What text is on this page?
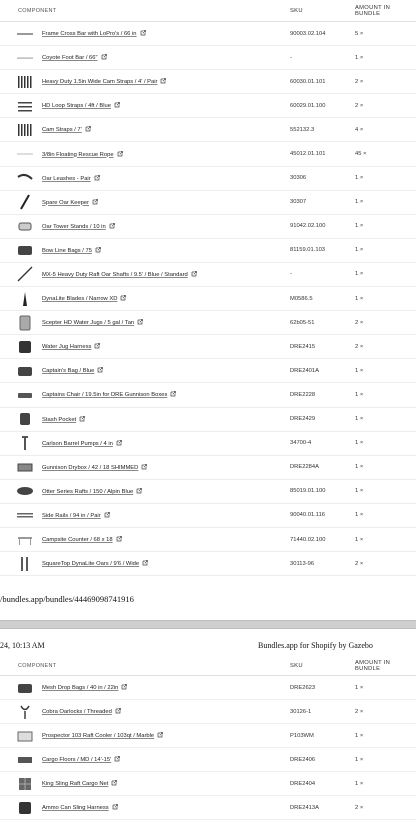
COMPONENT	SKU	AMOUNT IN BUNDLE
Frame Cross Bar with LoPro's / 66 in	90003.02.104	5 ×
Coyote Foot Bar / 66"	-	1 ×
Heavy Duty 1.5in Wide Cam Straps / 4' / Pair	60030.01.101	2 ×
HD Loop Straps / 4ft / Blue	60029.01.100	2 ×
Cam Straps / 7'	552132.3	4 ×
3/8in Floating Rescue Rope	45012.01.101	45 ×
Oar Leashes - Pair	30306	1 ×
Spare Oar Keeper	30307	1 ×
Oar Tower Stands / 10 in	91042.02.100	1 ×
Bow Line Bags / 75	81159.01.103	1 ×
MX-5 Heavy Duty Raft Oar Shafts / 9.5' / Blue / Standard	-	1 ×
DynaLite Blades / Narrow XD	M0586.5	1 ×
Scepter HD Water Jugs / 5 gal / Tan	62b05-51	2 ×
Water Jug Harness	DRE2415	2 ×
Captain's Bag / Blue	DRE2401A	1 ×
Captains Chair / 19.5in for DRE Gunnison Boxes	DRE2228	1 ×
Stash Pocket	DRE2429	1 ×
Carlson Barrel Pumps / 4 in	34700-4	1 ×
Gunnison Drybox / 42 / 18 SHIMMED	DRE2284A	1 ×
Otter Series Rafts / 150 / Alpin Blue	85019.01.100	1 ×
Side Rails / 94 in / Pair	90040.01.116	1 ×
Campsite Counter / 68 x 18	71440.02.100	1 ×
SquareTop DynaLite Oars / 9'6 / Wide	30113-96	2 ×
/bundles.app/bundles/44469098741916
24, 10:13 AM	Bundles.app for Shopify by Gazebo
COMPONENT	SKU	AMOUNT IN BUNDLE
Mesh Drop Bags / 40 in / 22in	DRE2623	1 ×
Cobra Oarlocks / Threaded	30126-1	2 ×
Prospector 103 Raft Cooler / 103qt / Marble	P103WM	1 ×
Cargo Floors / MD / 14'-15'	DRE2406	1 ×
King Sling Raft Cargo Net	DRE2404	1 ×
Ammo Can Sling Harness	DRE2413A	2 ×
